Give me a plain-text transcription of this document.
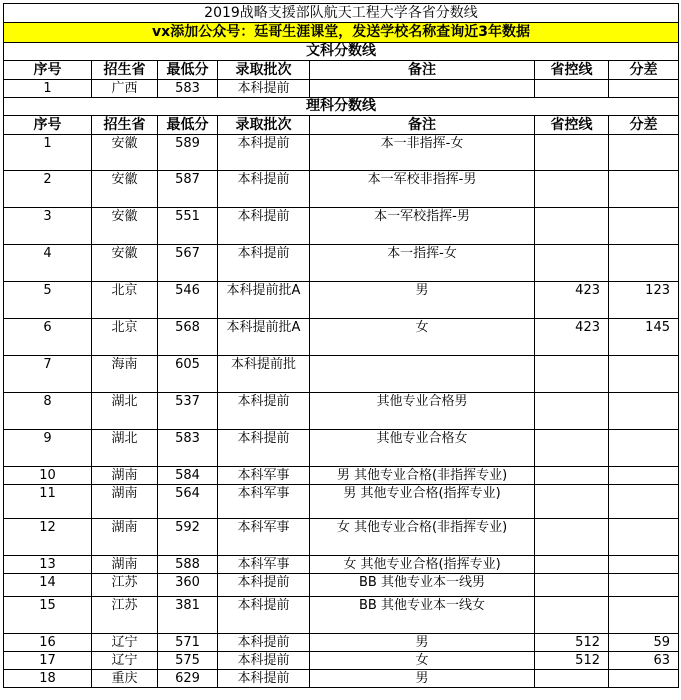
2019战略支援部队航天工程大学各省分数线						
vx添加公众号：廷哥生涯课堂，发送学校名称查询近3年数据						
文科分数线						
序号	招生省	最低分	录取批次	备注	省控线	分差
1	广西	583	本科提前			
理科分数线						
序号	招生省	最低分	录取批次	备注	省控线	分差
1	安徽	589	本科提前	本一非指挥-女		
2	安徽	587	本科提前	本一军校非指挥-男		
3	安徽	551	本科提前	本一军校指挥-男		
4	安徽	567	本科提前	本一指挥-女		
5	北京	546	本科提前批A	男	423	123
6	北京	568	本科提前批A	女	423	145
7	海南	605	本科提前批			
8	湖北	537	本科提前	其他专业合格男		
9	湖北	583	本科提前	其他专业合格女		
10	湖南	584	本科军事	男 其他专业合格(非指挥专业)		
11	湖南	564	本科军事	男 其他专业合格(指挥专业)		
12	湖南	592	本科军事	女 其他专业合格(非指挥专业)		
13	湖南	588	本科军事	女 其他专业合格(指挥专业)		
14	江苏	360	本科提前	BB 其他专业本一线男		
15	江苏	381	本科提前	BB 其他专业本一线女		
16	辽宁	571	本科提前	男	512	59
17	辽宁	575	本科提前	女	512	63
18	重庆	629	本科提前	男		
